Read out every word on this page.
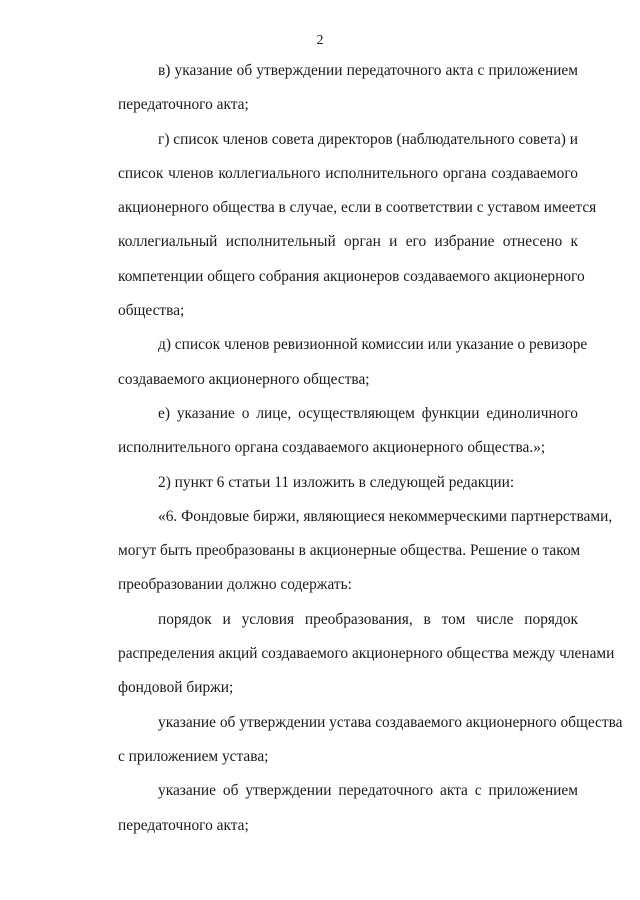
2
в) указание об утверждении передаточного акта с приложением
передаточного акта;
г) список членов совета директоров (наблюдательного совета) и
список членов коллегиального исполнительного органа создаваемого
акционерного общества в случае, если в соответствии с уставом имеется
коллегиальный исполнительный орган и его избрание отнесено к
компетенции общего собрания акционеров создаваемого акционерного
общества;
д) список членов ревизионной комиссии или указание о ревизоре
создаваемого акционерного общества;
е) указание о лице, осуществляющем функции единоличного
исполнительного органа создаваемого акционерного общества.»;
2) пункт 6 статьи 11 изложить в следующей редакции:
«6. Фондовые биржи, являющиеся некоммерческими партнерствами,
могут быть преобразованы в акционерные общества. Решение о таком
преобразовании должно содержать:
порядок и условия преобразования, в том числе порядок
распределения акций создаваемого акционерного общества между членами
фондовой биржи;
указание об утверждении устава создаваемого акционерного общества
с приложением устава;
указание об утверждении передаточного акта с приложением
передаточного акта;
